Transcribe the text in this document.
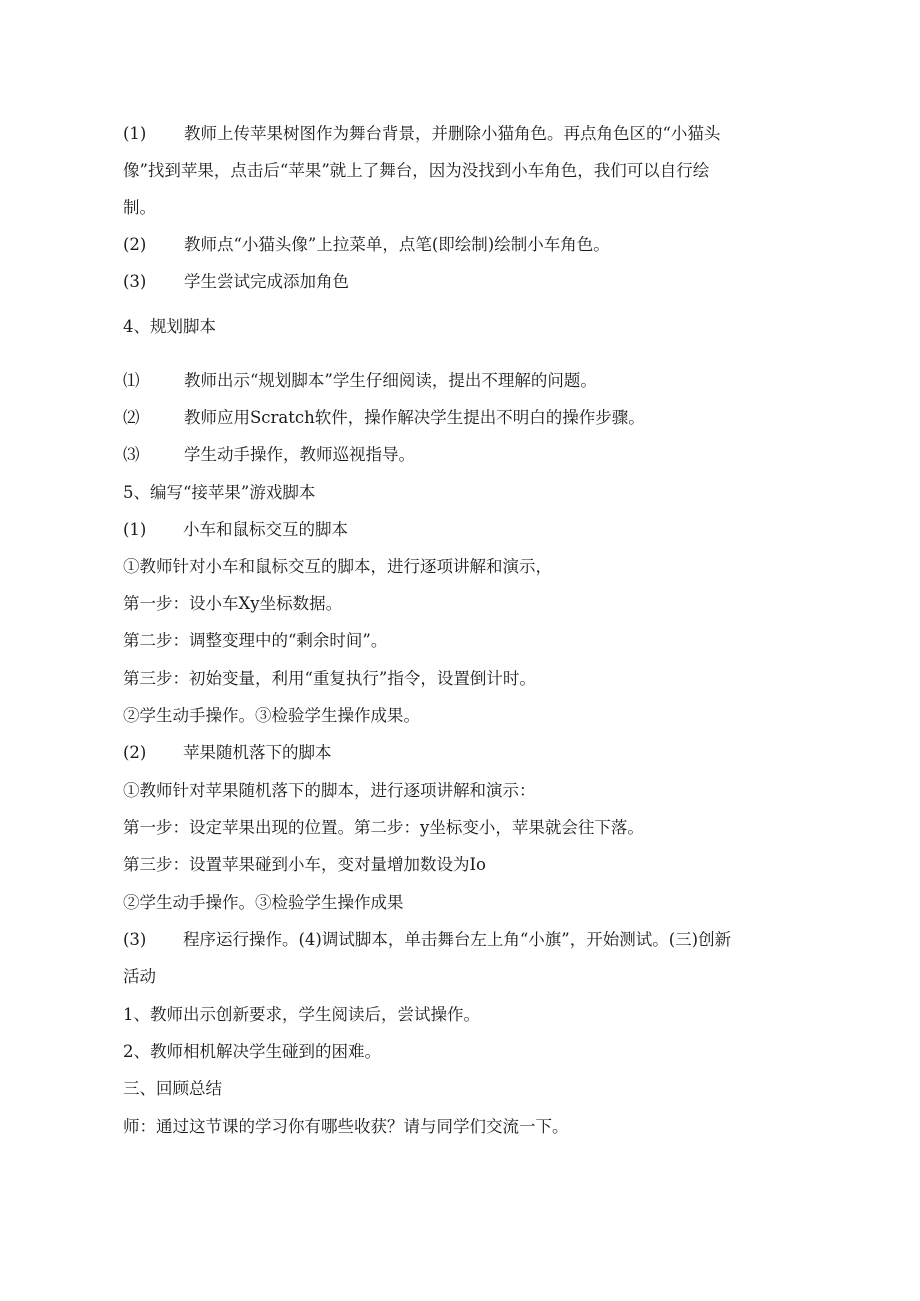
(1) 教师上传苹果树图作为舞台背景，并删除小猫角色。再点角色区的“小猫头
像”找到苹果，点击后“苹果”就上了舞台，因为没找到小车角色，我们可以自行绘
制。
(2) 教师点“小猫头像”上拉菜单，点笔(即绘制)绘制小车角色。
(3) 学生尝试完成添加角色
4、规划脚本
⑴	教师出示“规划脚本”学生仔细阅读，提出不理解的问题。
⑵	教师应用Scratch软件，操作解决学生提出不明白的操作步骤。
⑶	学生动手操作，教师巡视指导。
5、编写“接苹果”游戏脚本
(1) 小车和鼠标交互的脚本
①教师针对小车和鼠标交互的脚本，进行逐项讲解和演示，
第一步：设小车Xy坐标数据。
第二步：调整变理中的“剩余时间”。
第三步：初始变量，利用“重复执行”指令，设置倒计时。
②学生动手操作。③检验学生操作成果。
(2) 苹果随机落下的脚本
①教师针对苹果随机落下的脚本，进行逐项讲解和演示：
第一步：设定苹果出现的位置。第二步：y坐标变小，苹果就会往下落。
第三步：设置苹果碰到小车，变对量增加数设为Io
②学生动手操作。③检验学生操作成果
(3) 程序运行操作。(4)调试脚本，单击舞台左上角“小旗”，开始测试。(三)创新
活动
1、教师出示创新要求，学生阅读后，尝试操作。
2、教师相机解决学生碰到的困难。
三、回顾总结
师：通过这节课的学习你有哪些收获？请与同学们交流一下。
